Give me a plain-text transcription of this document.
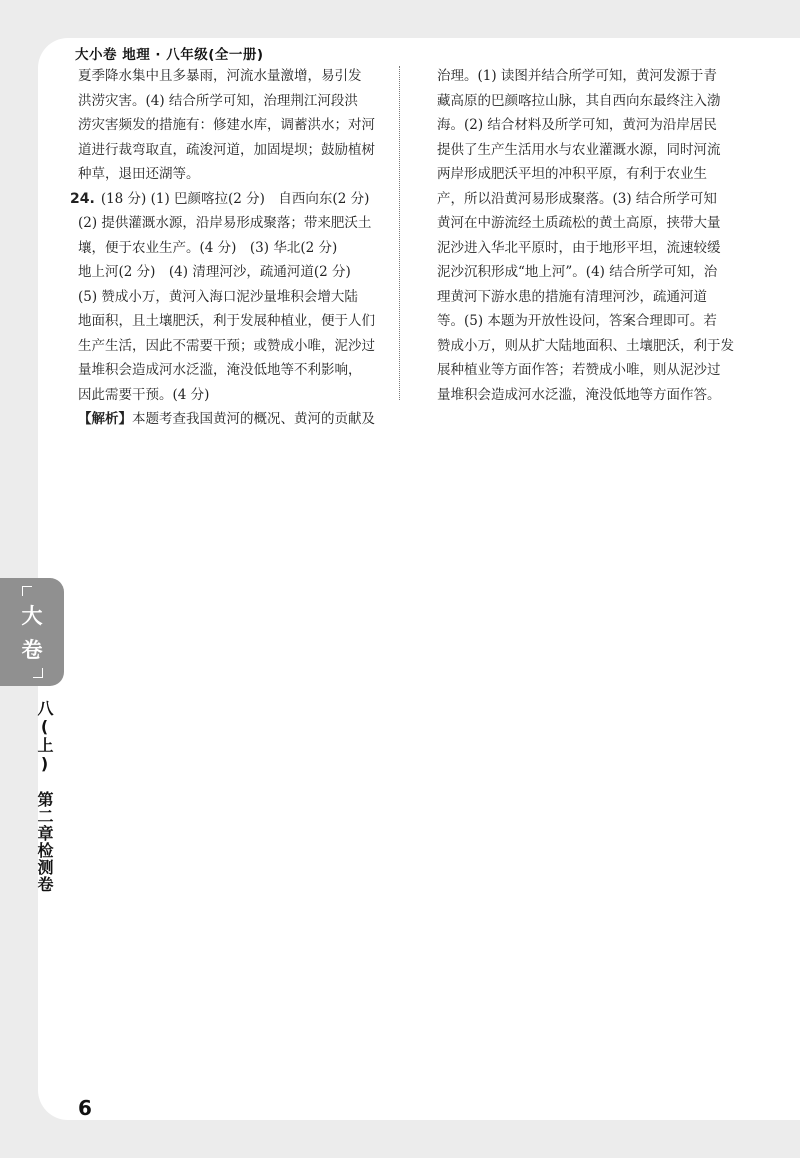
大小卷 地理 · 八年级(全一册)
夏季降水集中且多暴雨，河流水量激增，易引发
洪涝灾害。(4) 结合所学可知，治理荆江河段洪
涝灾害频发的措施有：修建水库，调蓄洪水；对河
道进行裁弯取直，疏浚河道，加固堤坝；鼓励植树
种草，退田还湖等。
24. (18 分) (1) 巴颜喀拉(2 分)　自西向东(2 分)
(2) 提供灌溉水源，沿岸易形成聚落；带来肥沃土
壤，便于农业生产。(4 分)　(3) 华北(2 分)
地上河(2 分)　(4) 清理河沙，疏通河道(2 分)
(5) 赞成小万，黄河入海口泥沙量堆积会增大陆
地面积，且土壤肥沃，利于发展种植业，便于人们
生产生活，因此不需要干预；或赞成小唯，泥沙过
量堆积会造成河水泛滥，淹没低地等不利影响，
因此需要干预。(4 分)
【解析】本题考查我国黄河的概况、黄河的贡献及
治理。(1) 读图并结合所学可知，黄河发源于青
藏高原的巴颜喀拉山脉，其自西向东最终注入渤
海。(2) 结合材料及所学可知，黄河为沿岸居民
提供了生产生活用水与农业灌溉水源，同时河流
两岸形成肥沃平坦的冲积平原，有利于农业生
产，所以沿黄河易形成聚落。(3) 结合所学可知
黄河在中游流经土质疏松的黄土高原，挟带大量
泥沙进入华北平原时，由于地形平坦，流速较缓
泥沙沉积形成“地上河”。(4) 结合所学可知，治
理黄河下游水患的措施有清理河沙，疏通河道
等。(5) 本题为开放性设问，答案合理即可。若
赞成小万，则从扩大陆地面积、土壤肥沃，利于发
展种植业等方面作答；若赞成小唯，则从泥沙过
量堆积会造成河水泛滥，淹没低地等方面作答。
大
卷
八(上)　第二章检测卷
6
